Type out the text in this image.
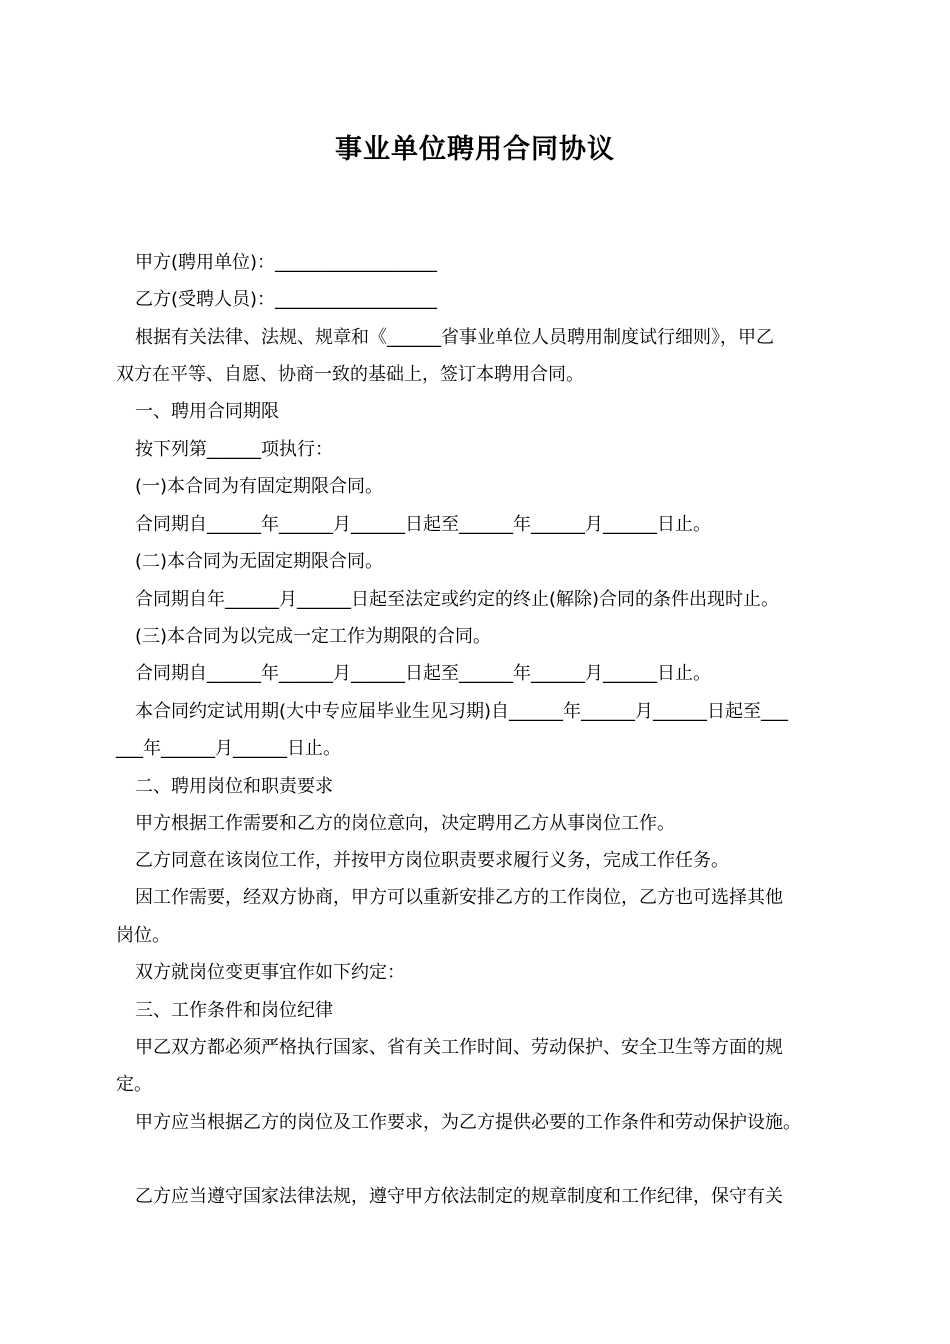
事业单位聘用合同协议
甲方(聘用单位)：__________________
乙方(受聘人员)：__________________
根据有关法律、法规、规章和《______省事业单位人员聘用制度试行细则》，甲乙
双方在平等、自愿、协商一致的基础上，签订本聘用合同。
一、聘用合同期限
按下列第______项执行：
(一)本合同为有固定期限合同。
合同期自______年______月______日起至______年______月______日止。
(二)本合同为无固定期限合同。
合同期自年______月______日起至法定或约定的终止(解除)合同的条件出现时止。
(三)本合同为以完成一定工作为期限的合同。
合同期自______年______月______日起至______年______月______日止。
本合同约定试用期(大中专应届毕业生见习期)自______年______月______日起至___
___年______月______日止。
二、聘用岗位和职责要求
甲方根据工作需要和乙方的岗位意向，决定聘用乙方从事岗位工作。
乙方同意在该岗位工作，并按甲方岗位职责要求履行义务，完成工作任务。
因工作需要，经双方协商，甲方可以重新安排乙方的工作岗位，乙方也可选择其他
岗位。
双方就岗位变更事宜作如下约定：
三、工作条件和岗位纪律
甲乙双方都必须严格执行国家、省有关工作时间、劳动保护、安全卫生等方面的规
定。
甲方应当根据乙方的岗位及工作要求，为乙方提供必要的工作条件和劳动保护设施。
乙方应当遵守国家法律法规，遵守甲方依法制定的规章制度和工作纪律，保守有关
